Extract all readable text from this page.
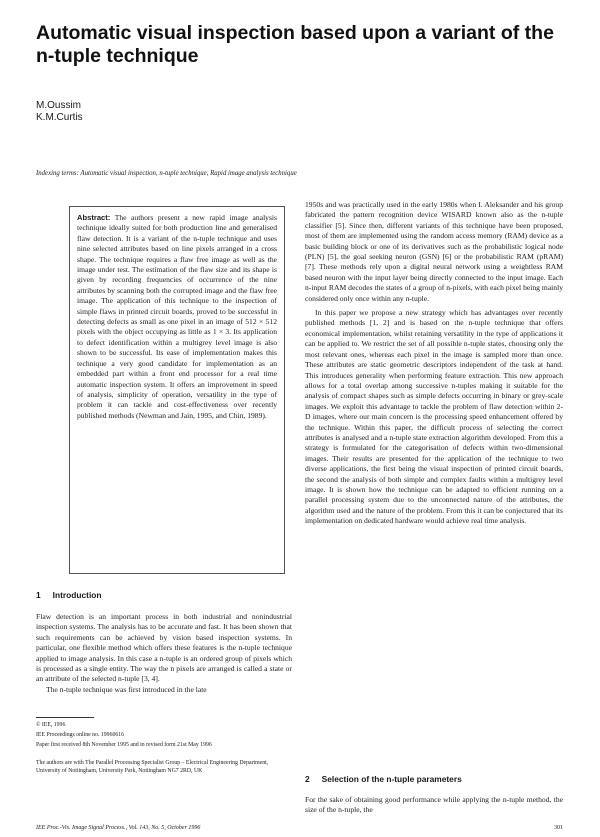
Automatic visual inspection based upon a variant of the n-tuple technique
M.Oussim
K.M.Curtis
Indexing terms: Automatic visual inspection, n-tuple technique, Rapid image analysis technique
Abstract: The authors present a new rapid image analysis technique ideally suited for both production line and generalised flaw detection. It is a variant of the n-tuple technique and uses nine selected attributes based on line pixels arranged in a cross shape. The technique requires a flaw free image as well as the image under test. The estimation of the flaw size and its shape is given by recording frequencies of occurrence of the nine attributes by scanning both the corrupted image and the flaw free image. The application of this technique to the inspection of simple flaws in printed circuit boards, proved to be successful in detecting defects as small as one pixel in an image of 512 × 512 pixels with the object occupying as little as 1 × 3. Its application to defect identification within a multigrey level image is also shown to be successful. Its ease of implementation makes this technique a very good candidate for implementation as an embedded part within a front end processor for a real time automatic inspection system. It offers an improvement in speed of analysis, simplicity of operation, versatility in the type of problem it can tackle and cost-effectiveness over recently published methods (Newman and Jain, 1995, and Chin, 1989).
1 Introduction

Flaw detection is an important process in both industrial and nonindustrial inspection systems. The analysis has to be accurate and fast. It has been shown that such requirements can be achieved by vision based inspection systems. In particular, one flexible method which offers these features is the n-tuple technique applied to image analysis. In this case a n-tuple is an ordered group of pixels which is processed as a single entity. The way the n pixels are arranged is called a state or an attribute of the selected n-tuple [3, 4].

The n-tuple technique was first introduced in the late

© IEE, 1996
IEE Proceedings online no. 19960616
Paper first received 8th November 1995 and in revised form 21st May 1996
The authors are with The Parallel Processing Specialist Group – Electrical Engineering Department, University of Nottingham, University Park, Nottingham NG7 2RD, UK

1950s and was practically used in the early 1980s when I. Aleksander and his group fabricated the pattern recognition device WISARD known also as the n-tuple classifier [5]. Since then, different variants of this technique have been proposed, most of them are implemented using the random access memory (RAM) device as a basic building block or one of its derivatives such as the probabilistic logical node (PLN) [5], the goal seeking neuron (GSN) [6] or the probabilistic RAM (pRAM) [7]. These methods rely upon a digital neural network using a weightless RAM based neuron with the input layer being directly connected to the input image. Each n-input RAM decodes the states of a group of n-pixels, with each pixel being mainly considered only once within any n-tuple.

In this paper we propose a new strategy which has advantages over recently published methods [1, 2] and is based on the n-tuple technique that offers economical implementation, whilst retaining versatility in the type of applications it can be applied to. We restrict the set of all possible n-tuple states, choosing only the most relevant ones, whereas each pixel in the image is sampled more than once. These attributes are static geometric descriptors independent of the task at hand. This introduces generality when performing feature extraction. This new approach allows for a total overlap among successive n-tuples making it suitable for the analysis of compact shapes such as simple defects occurring in binary or grey-scale images. We exploit this advantage to tackle the problem of flaw detection within 2-D images, where our main concern is the processing speed enhancement offered by the technique. Within this paper, the difficult process of selecting the correct attributes is analysed and a n-tuple state extraction algorithm developed. From this a strategy is formulated for the categorisation of defects within two-dimensional images. Their results are presented for the application of the technique to two diverse applications, the first being the visual inspection of printed circuit boards, the second the analysis of both simple and complex faults within a multigrey level image. It is shown how the technique can be adapted to efficient running on a parallel processing system due to the unconnected nature of the attributes, the algorithm used and the nature of the problem. From this it can be conjectured that its implementation on dedicated hardware would achieve real time analysis.

2 Selection of the n-tuple parameters

For the sake of obtaining good performance while applying the n-tuple method, the size of the n-tuple, the

IEE Proc.-Vis. Image Signal Process., Vol. 143, No. 5, October 1996	301
